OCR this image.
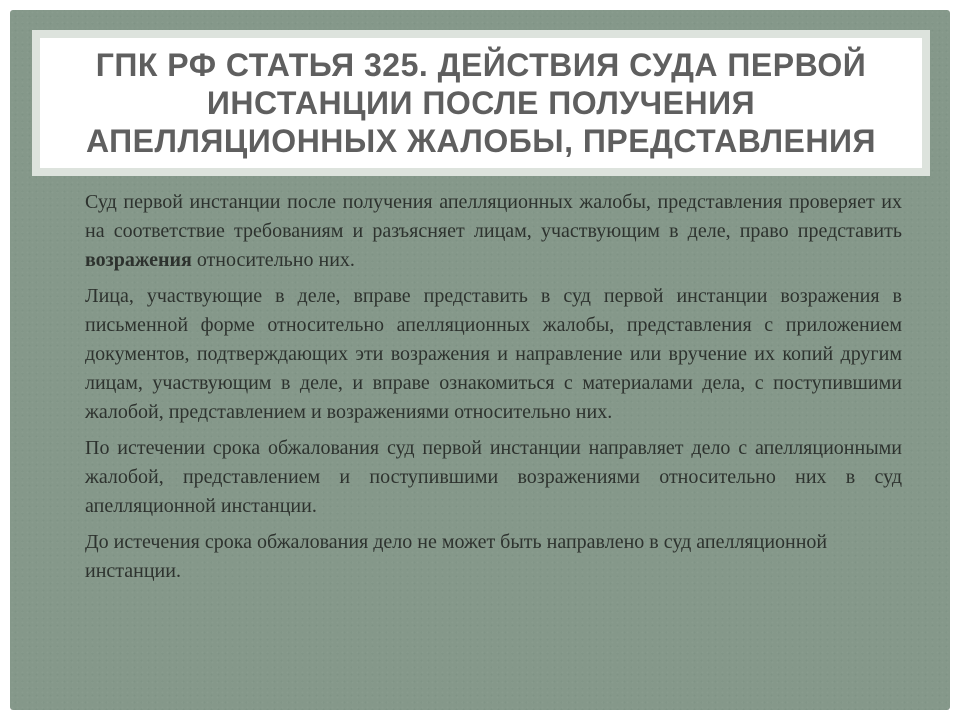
ГПК РФ СТАТЬЯ 325. ДЕЙСТВИЯ СУДА ПЕРВОЙ ИНСТАНЦИИ ПОСЛЕ ПОЛУЧЕНИЯ АПЕЛЛЯЦИОННЫХ ЖАЛОБЫ, ПРЕДСТАВЛЕНИЯ

Суд первой инстанции после получения апелляционных жалобы, представления проверяет их на соответствие требованиям и разъясняет лицам, участвующим в деле, право представить возражения относительно них.

Лица, участвующие в деле, вправе представить в суд первой инстанции возражения в письменной форме относительно апелляционных жалобы, представления с приложением документов, подтверждающих эти возражения и направление или вручение их копий другим лицам, участвующим в деле, и вправе ознакомиться с материалами дела, с поступившими жалобой, представлением и возражениями относительно них.

По истечении срока обжалования суд первой инстанции направляет дело с апелляционными жалобой, представлением и поступившими возражениями относительно них в суд апелляционной инстанции.

До истечения срока обжалования дело не может быть направлено в суд апелляционной инстанции.
